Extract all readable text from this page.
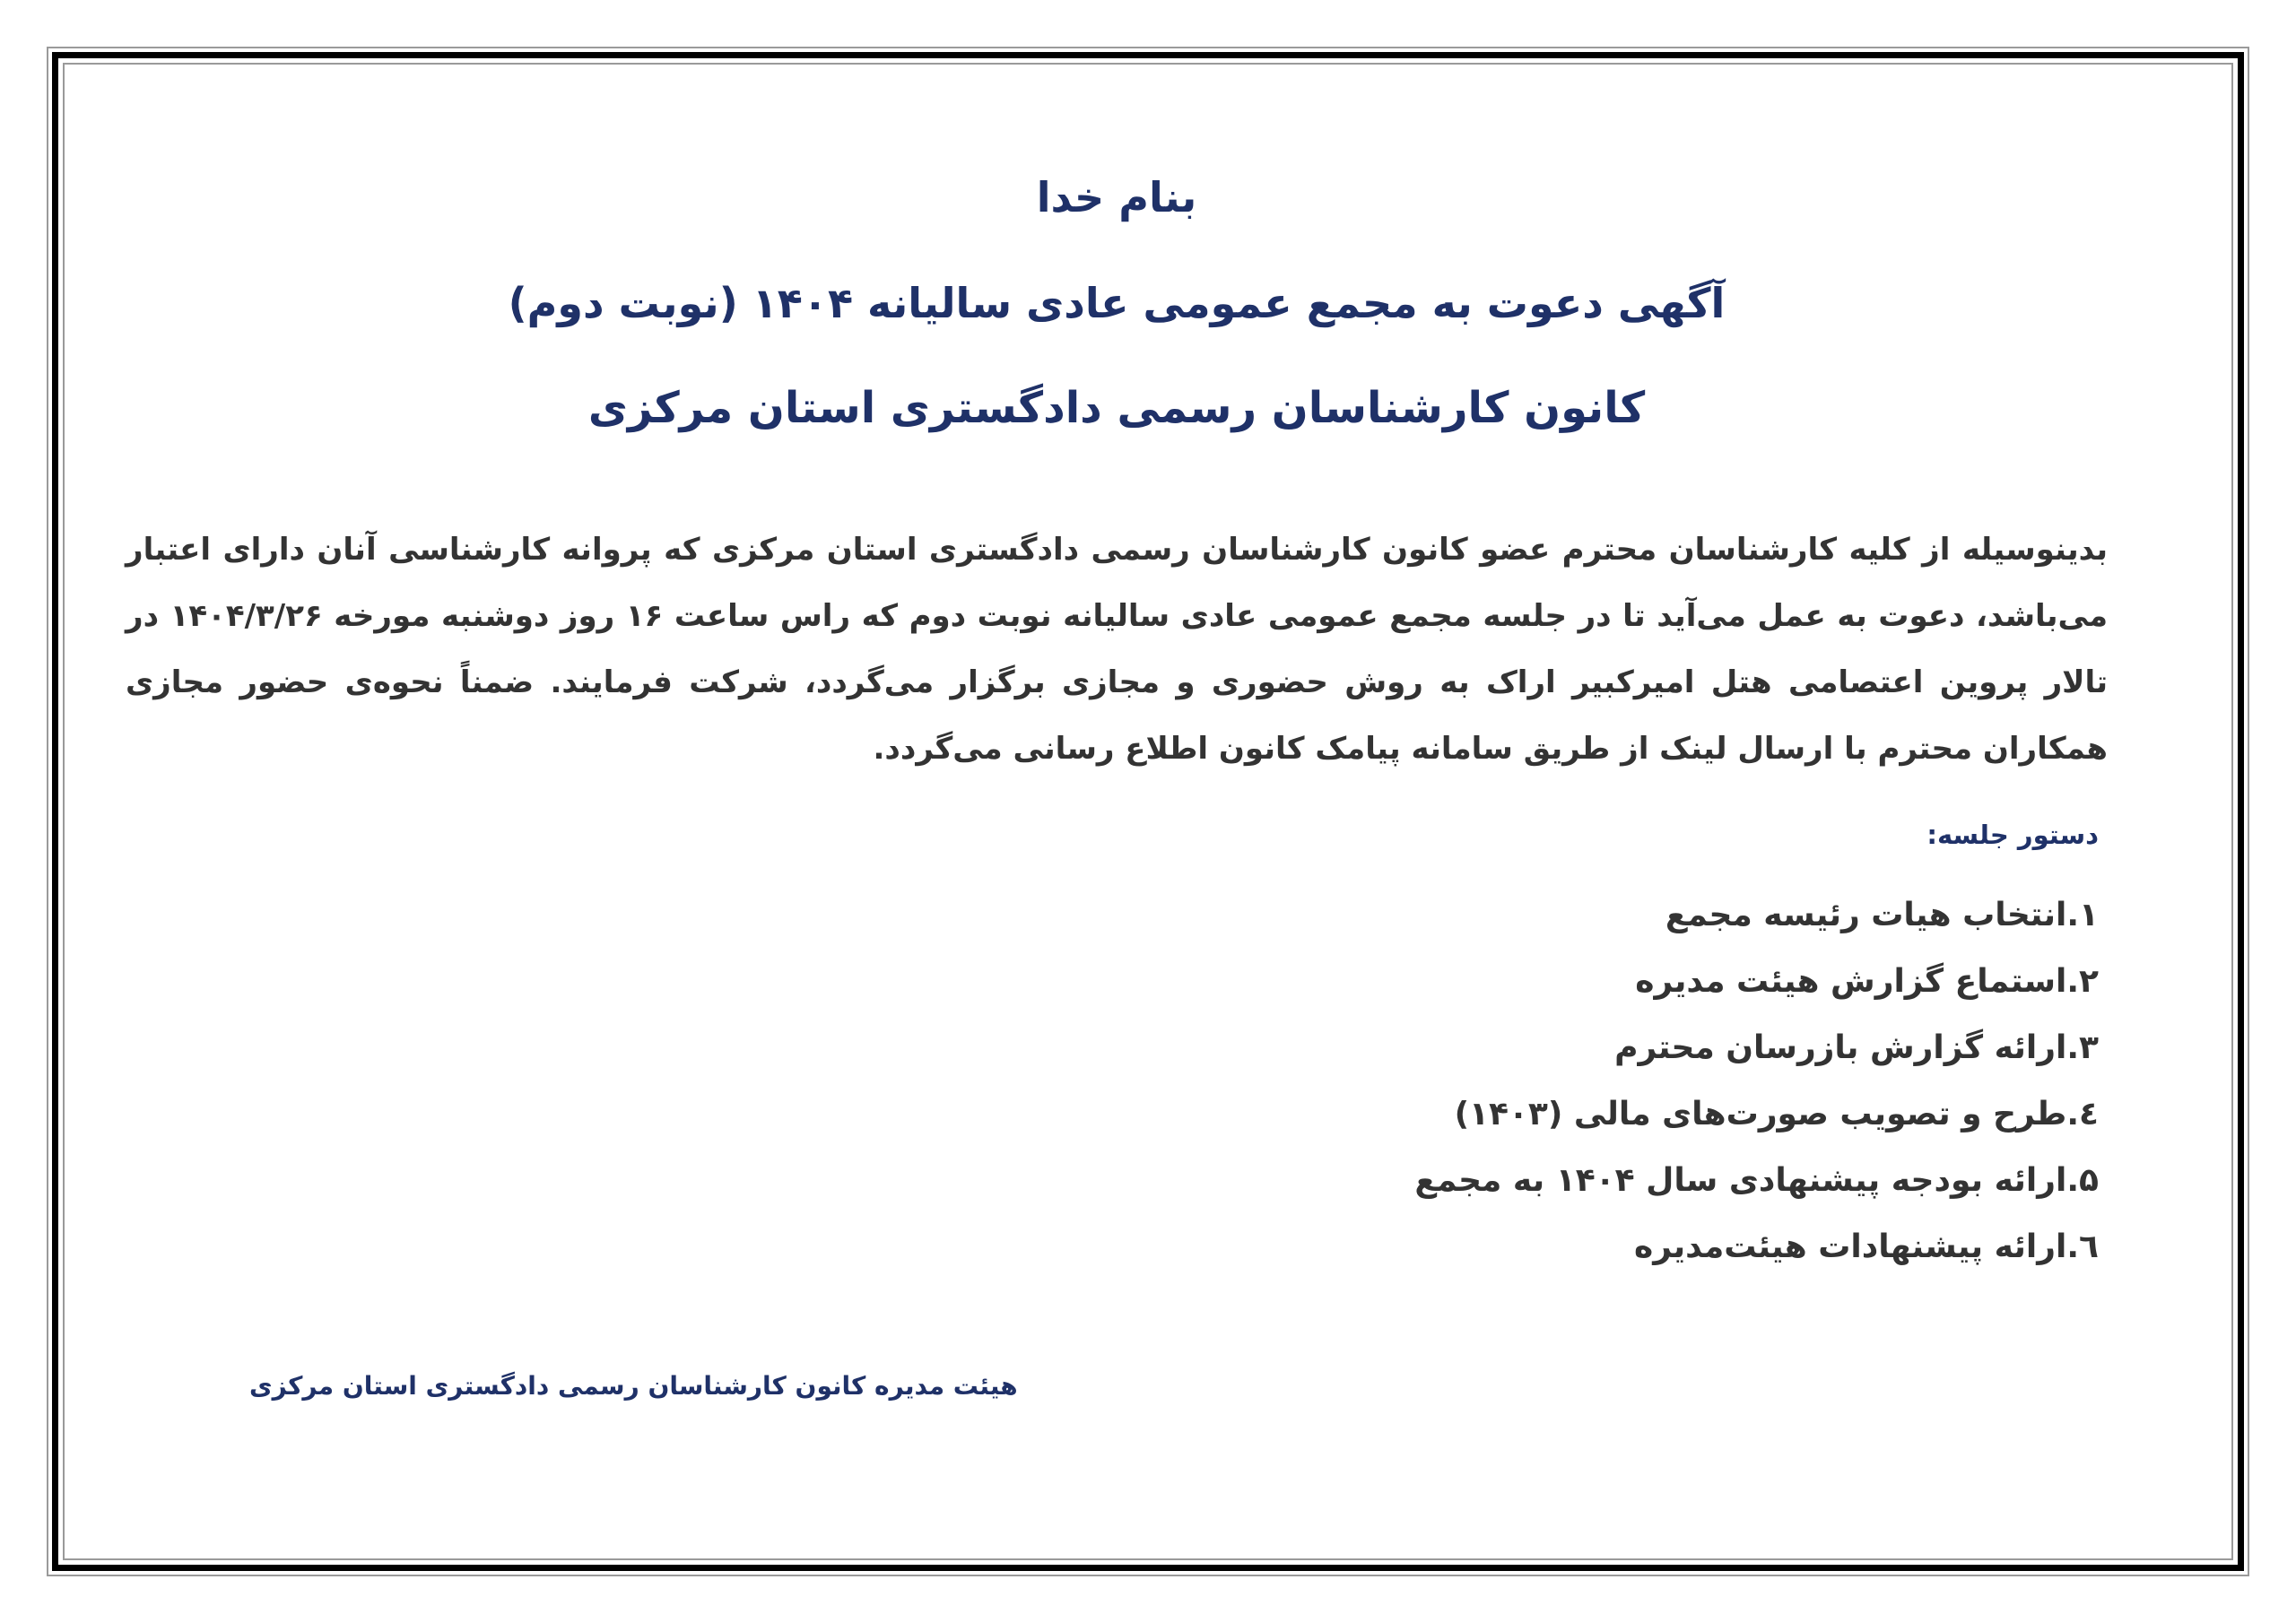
بنام خدا
آگهی دعوت به مجمع عمومی عادی سالیانه ۱۴۰۴ (نوبت دوم)
کانون کارشناسان رسمی دادگستری استان مرکزی

بدینوسیله از کلیه کارشناسان محترم عضو کانون کارشناسان رسمی دادگستری استان مرکزی که پروانه کارشناسی آنان دارای اعتبار می‌باشد، دعوت به عمل می‌آید تا در جلسه مجمع عمومی عادی سالیانه نوبت دوم که راس ساعت ۱۶ روز دوشنبه مورخه ۱۴۰۴/۳/۲۶ در تالار پروین اعتصامی هتل امیرکبیر اراک به روش حضوری و مجازی برگزار می‌گردد، شرکت فرمایند. ضمناً نحوه‌ی حضور مجازی همکاران محترم با ارسال لینک از طریق سامانه پیامک کانون اطلاع رسانی می‌گردد.

دستور جلسه:
۱.انتخاب هیات رئیسه مجمع
۲.استماع گزارش هیئت مدیره
۳.ارائه گزارش بازرسان محترم
٤.طرح و تصویب صورت‌های مالی (۱۴۰۳)
۵.ارائه بودجه پیشنهادی سال ۱۴۰۴ به مجمع
٦.ارائه پیشنهادات هیئت‌مدیره
هیئت مدیره کانون کارشناسان رسمی دادگستری استان مرکزی
